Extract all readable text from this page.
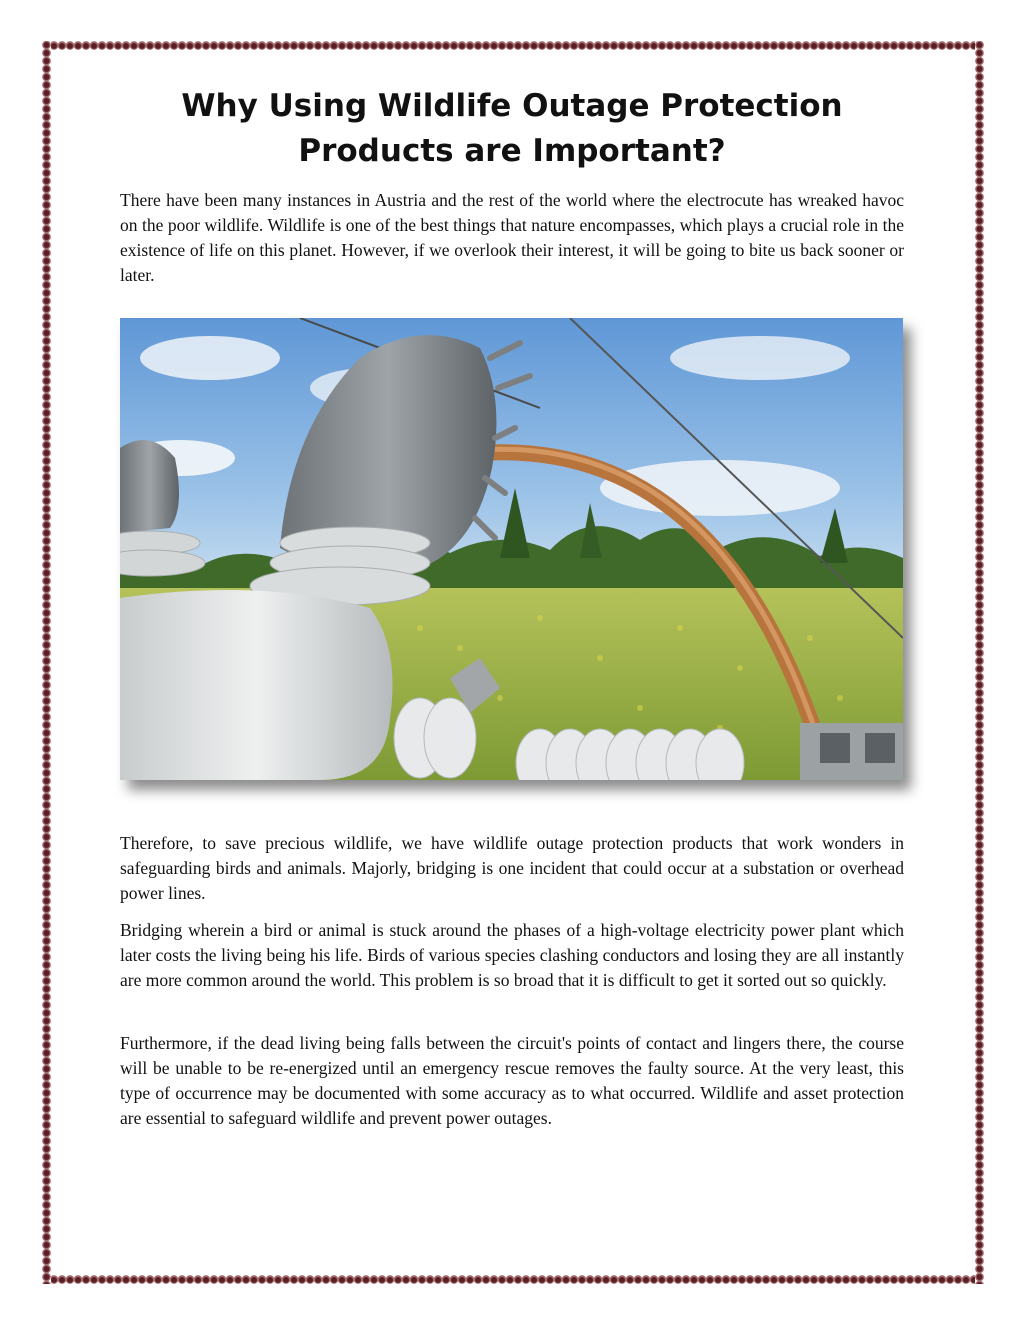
Why Using Wildlife Outage Protection
Products are Important?

There have been many instances in Austria and the rest of the world where the electrocute has wreaked havoc on the poor wildlife. Wildlife is one of the best things that nature encompasses, which plays a crucial role in the existence of life on this planet. However, if we overlook their interest, it will be going to bite us back sooner or later.

Therefore, to save precious wildlife, we have wildlife outage protection products that work wonders in safeguarding birds and animals. Majorly, bridging is one incident that could occur at a substation or overhead power lines.

Bridging wherein a bird or animal is stuck around the phases of a high-voltage electricity power plant which later costs the living being his life. Birds of various species clashing conductors and losing they are all instantly are more common around the world. This problem is so broad that it is difficult to get it sorted out so quickly.

Furthermore, if the dead living being falls between the circuit's points of contact and lingers there, the course will be unable to be re-energized until an emergency rescue removes the faulty source. At the very least, this type of occurrence may be documented with some accuracy as to what occurred. Wildlife and asset protection are essential to safeguard wildlife and prevent power outages.
